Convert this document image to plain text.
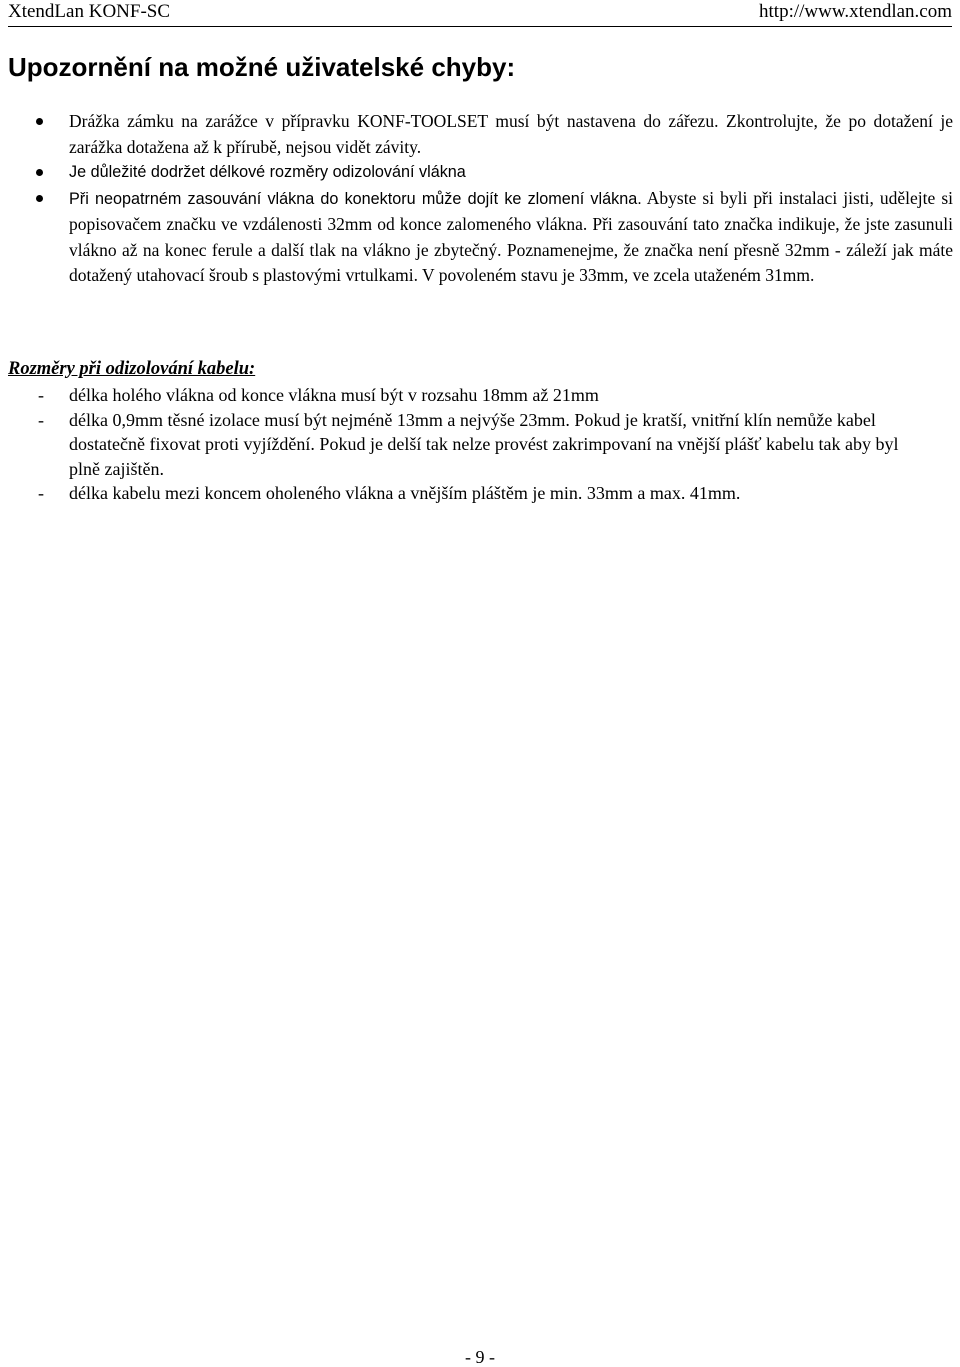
XtendLan KONF-SC	http://www.xtendlan.com
Upozornění na možné uživatelské chyby:
Drážka zámku na zarážce v přípravku KONF-TOOLSET musí být nastavena do zářezu. Zkontrolujte, že po dotažení je zarážka dotažena až k přírubě, nejsou vidět závity.
Je důležité dodržet délkové rozměry odizolování vlákna
Při neopatrném zasouvání vlákna do konektoru může dojít ke zlomení vlákna. Abyste si byli při instalaci jisti, udělejte si popisovačem značku ve vzdálenosti 32mm od konce zalomeného vlákna. Při zasouvání tato značka indikuje, že jste zasunuli vlákno až na konec ferule a další tlak na vlákno je zbytečný. Poznamenejme, že značka není přesně 32mm - záleží jak máte dotažený utahovací šroub s plastovými vrtulkami. V povoleném stavu je 33mm, ve zcela utaženém 31mm.
Rozměry při odizolování kabelu:
- délka holého vlákna od konce vlákna musí být v rozsahu 18mm až 21mm
- délka 0,9mm těsné izolace musí být nejméně 13mm a nejvýše 23mm. Pokud je kratší, vnitřní klín nemůže kabel dostatečně fixovat proti vyjíždění. Pokud je delší tak nelze provést zakrimpovaní na vnější plášť kabelu tak aby byl plně zajištěn.
- délka kabelu mezi koncem oholeného vlákna a vnějším pláštěm je min. 33mm a max. 41mm.
- 9 -
